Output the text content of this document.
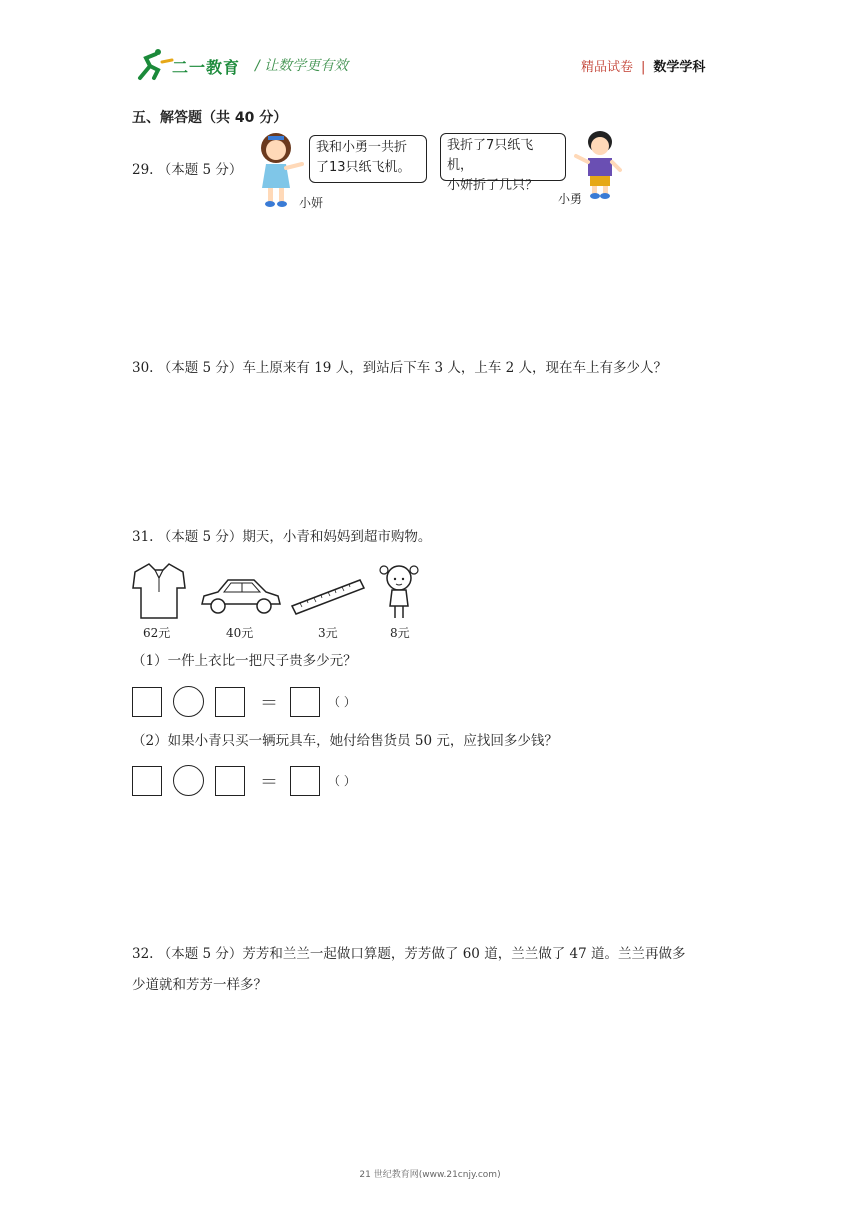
二一教育 / 让数学更有效	精品试卷 | 数学学科
五、解答题（共 40 分）
29. （本题 5 分）
小妍
我和小勇一共折
了13只纸飞机。
我折了7只纸飞机，
小妍折了几只？
小勇
30. （本题 5 分）车上原来有 19 人，到站后下车 3 人，上车 2 人，现在车上有多少人？
31. （本题 5 分）期天，小青和妈妈到超市购物。
62元	40元	3元	8元
（1）一件上衣比一把尺子贵多少元？
＝	（ ）
（2）如果小青只买一辆玩具车，她付给售货员 50 元，应找回多少钱？
＝	（ ）
32. （本题 5 分）芳芳和兰兰一起做口算题，芳芳做了 60 道，兰兰做了 47 道。兰兰再做多
少道就和芳芳一样多？
21 世纪教育网(www.21cnjy.com)
